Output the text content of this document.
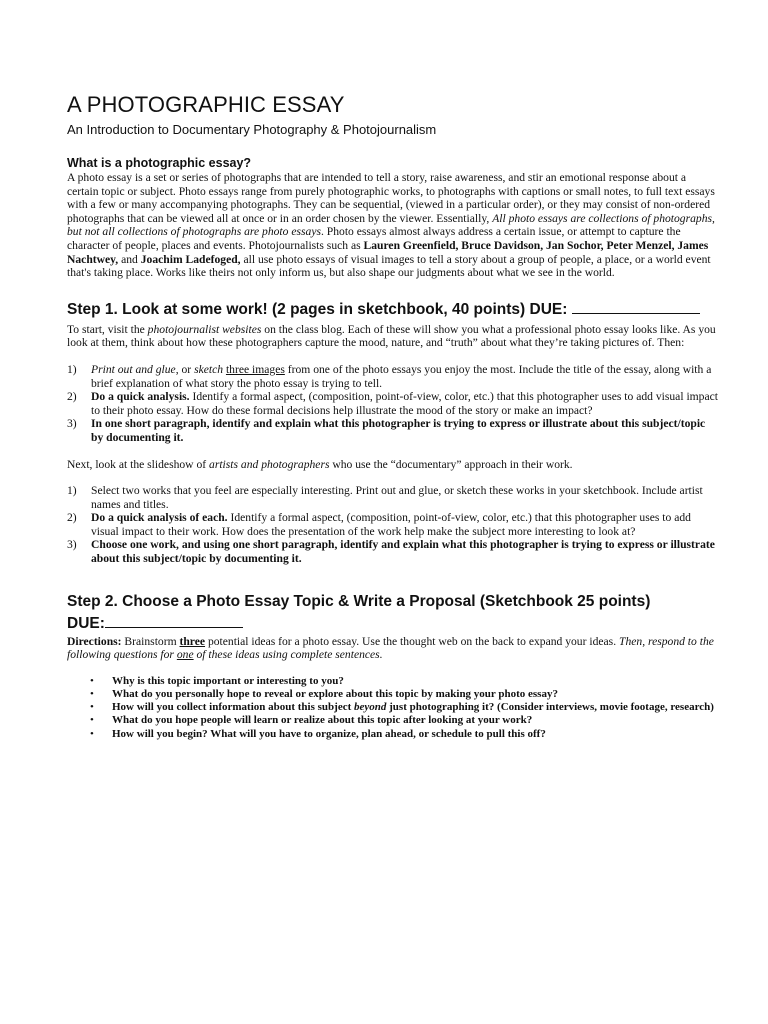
A PHOTOGRAPHIC ESSAY
An Introduction to Documentary Photography & Photojournalism
What is a photographic essay?

A photo essay is a set or series of photographs that are intended to tell a story, raise awareness, and stir an emotional response about a certain topic or subject. Photo essays range from purely photographic works, to photographs with captions or small notes, to full text essays with a few or many accompanying photographs. They can be sequential, (viewed in a particular order), or they may consist of non-ordered photographs that can be viewed all at once or in an order chosen by the viewer. Essentially, All photo essays are collections of photographs, but not all collections of photographs are photo essays. Photo essays almost always address a certain issue, or attempt to capture the character of people, places and events. Photojournalists such as Lauren Greenfield, Bruce Davidson, Jan Sochor, Peter Menzel, James Nachtwey, and Joachim Ladefoged, all use photo essays of visual images to tell a story about a group of people, a place, or a world event that's taking place. Works like theirs not only inform us, but also shape our judgments about what we see in the world.

Step 1. Look at some work! (2 pages in sketchbook, 40 points) DUE:

To start, visit the photojournalist websites on the class blog. Each of these will show you what a professional photo essay looks like. As you look at them, think about how these photographers capture the mood, nature, and “truth” about what they’re taking pictures of. Then:

1) Print out and glue, or sketch three images from one of the photo essays you enjoy the most. Include the title of the essay, along with a brief explanation of what story the photo essay is trying to tell.
2) Do a quick analysis. Identify a formal aspect, (composition, point-of-view, color, etc.) that this photographer uses to add visual impact to their photo essay. How do these formal decisions help illustrate the mood of the story or make an impact?
3) In one short paragraph, identify and explain what this photographer is trying to express or illustrate about this subject/topic by documenting it.

Next, look at the slideshow of artists and photographers who use the “documentary” approach in their work.

1) Select two works that you feel are especially interesting. Print out and glue, or sketch these works in your sketchbook. Include artist names and titles.
2) Do a quick analysis of each. Identify a formal aspect, (composition, point-of-view, color, etc.) that this photographer uses to add visual impact to their work. How does the presentation of the work help make the subject more interesting to look at?
3) Choose one work, and using one short paragraph, identify and explain what this photographer is trying to express or illustrate about this subject/topic by documenting it.
Step 2. Choose a Photo Essay Topic & Write a Proposal (Sketchbook 25 points)
DUE:

Directions: Brainstorm three potential ideas for a photo essay. Use the thought web on the back to expand your ideas. Then, respond to the following questions for one of these ideas using complete sentences.

• Why is this topic important or interesting to you?
• What do you personally hope to reveal or explore about this topic by making your photo essay?
• How will you collect information about this subject beyond just photographing it? (Consider interviews, movie footage, research)
• What do you hope people will learn or realize about this topic after looking at your work?
• How will you begin? What will you have to organize, plan ahead, or schedule to pull this off?
